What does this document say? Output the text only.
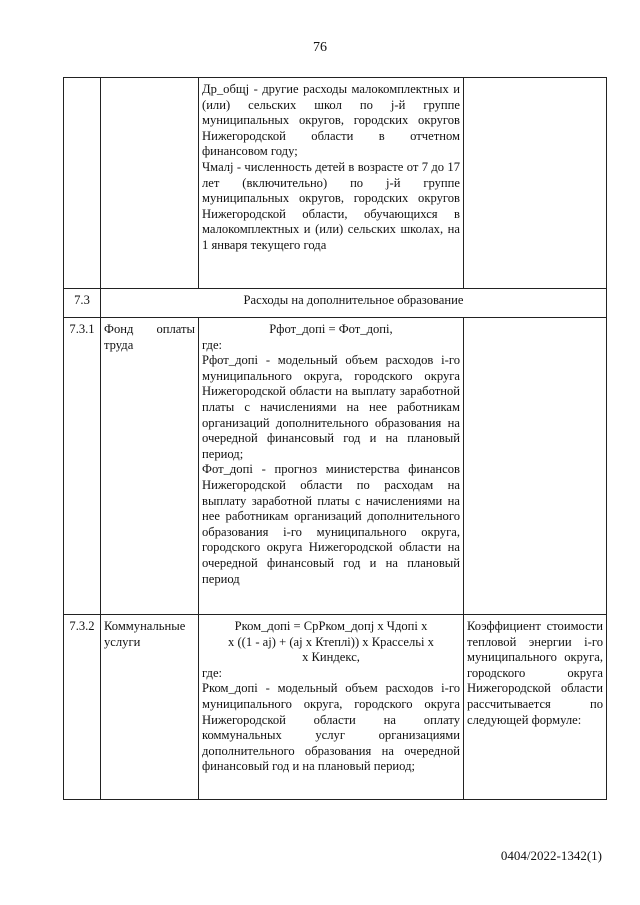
76

		Др_общj - другие расходы малокомплектных и (или) сельских школ по j-й группе муниципальных округов, городских округов Нижегородской области в отчетном финансовом году;

Чмалj - численность детей в возрасте от 7 до 17 лет (включительно) по j-й группе муниципальных округов, городских округов Нижегородской области, обучающихся в малокомплектных и (или) сельских школах, на 1 января текущего года	

7.3	Расходы на дополнительное образование		
7.3.1	Фонд оплаты труда	Рфот_допi = Фот_допi,

где:

Рфот_допi - модельный объем расходов i-го муниципального округа, городского округа Нижегородской области на выплату заработной платы с начислениями на нее работникам организаций дополнительного образования на очередной финансовый год и на плановый период;

Фот_допi - прогноз министерства финансов Нижегородской области по расходам на выплату заработной платы с начислениями на нее работникам организаций дополнительного образования i-го муниципального округа, городского округа Нижегородской области на очередной финансовый год и на плановый период	

7.3.2	Коммунальные услуги	Рком_допi = СрРком_допj x Чдопi x

x ((1 - aj) + (aj x Ктеплi)) x Крассельi x

x Киндекс,

где:

Рком_допi - модельный объем расходов i-го муниципального округа, городского округа Нижегородской области на оплату коммунальных услуг организациями дополнительного образования на очередной финансовый год и на плановый период;	Коэффициент стоимости тепловой энергии i-го муниципального округа, городского округа Нижегородской области рассчитывается по следующей формуле:

0404/2022-1342(1)
